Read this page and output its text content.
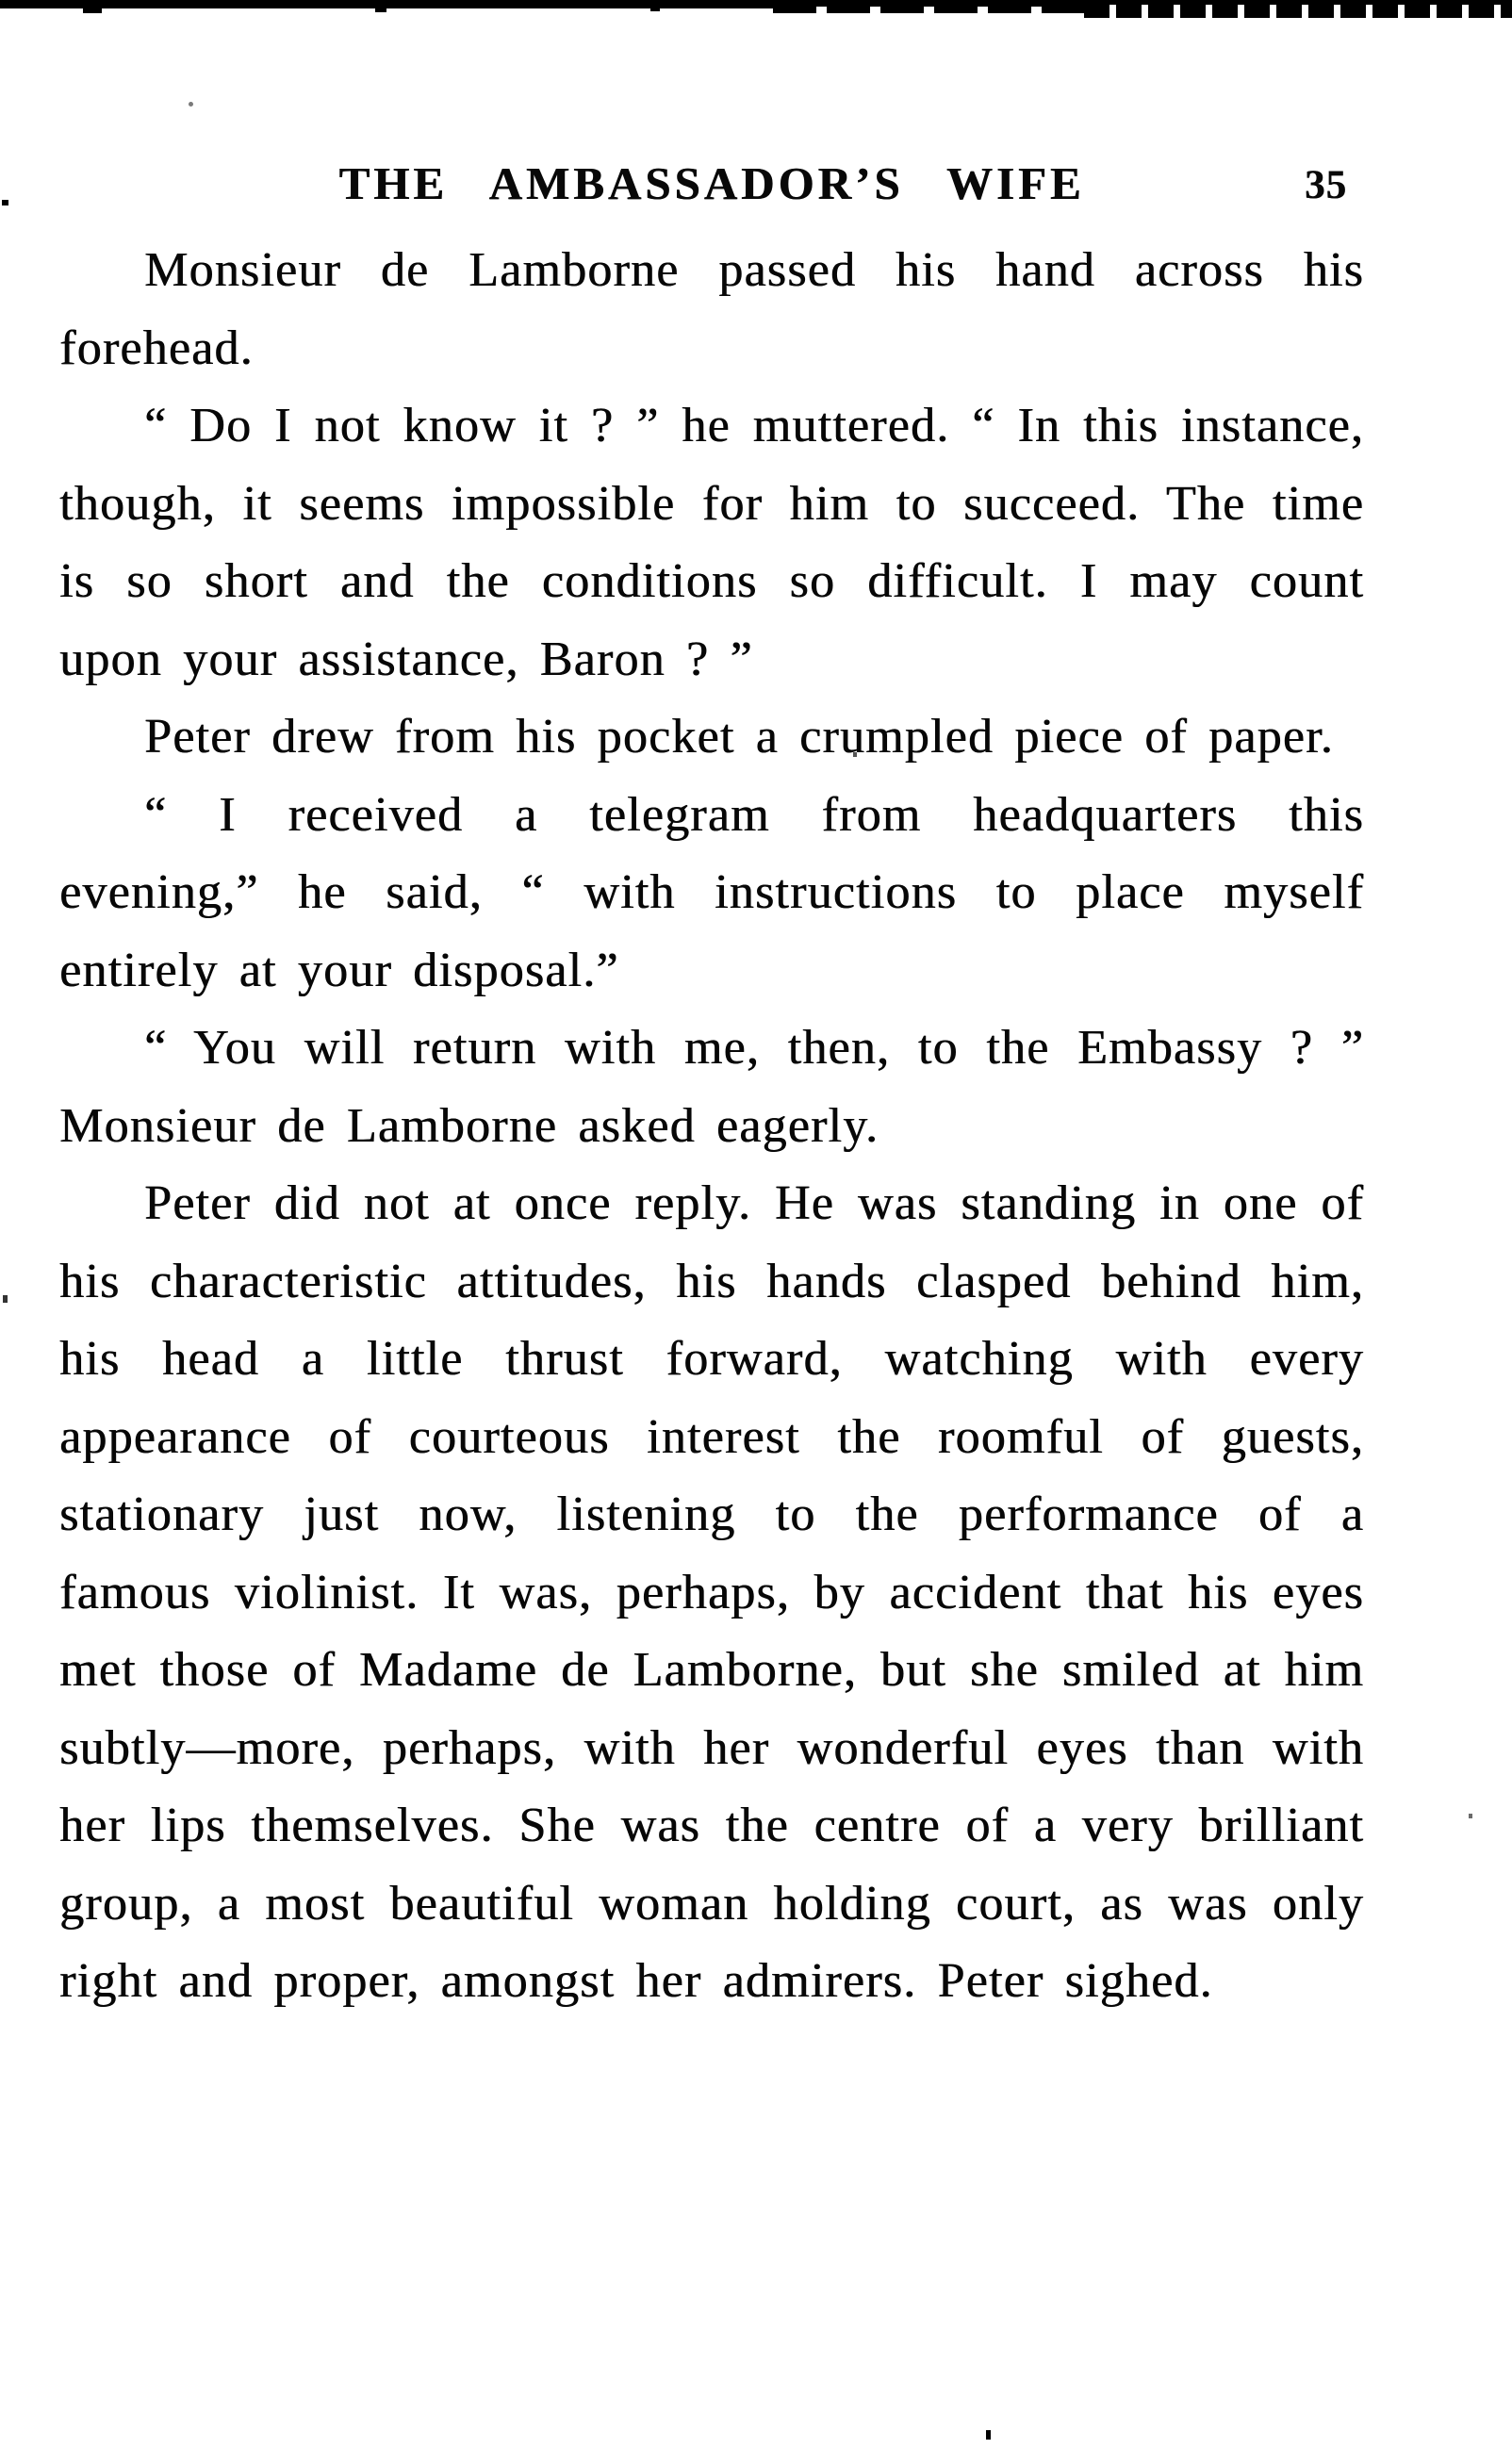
THE AMBASSADOR’S WIFE	35

Monsieur de Lamborne passed his hand across his forehead.

“ Do I not know it ? ” he muttered. “ In this instance, though, it seems impossible for him to succeed. The time is so short and the conditions so difficult. I may count upon your assistance, Baron ? ”

Peter drew from his pocket a crumpled piece of paper.

“ I received a telegram from headquarters this evening,” he said, “ with instructions to place myself entirely at your disposal.”

“ You will return with me, then, to the Embassy ? ” Monsieur de Lamborne asked eagerly.

Peter did not at once reply. He was standing in one of his characteristic attitudes, his hands clasped behind him, his head a little thrust forward, watching with every appearance of courteous interest the roomful of guests, stationary just now, listening to the performance of a famous violinist. It was, perhaps, by accident that his eyes met those of Madame de Lamborne, but she smiled at him subtly—more, perhaps, with her wonderful eyes than with her lips themselves. She was the centre of a very brilliant group, a most beautiful woman holding court, as was only right and proper, amongst her admirers. Peter sighed.
